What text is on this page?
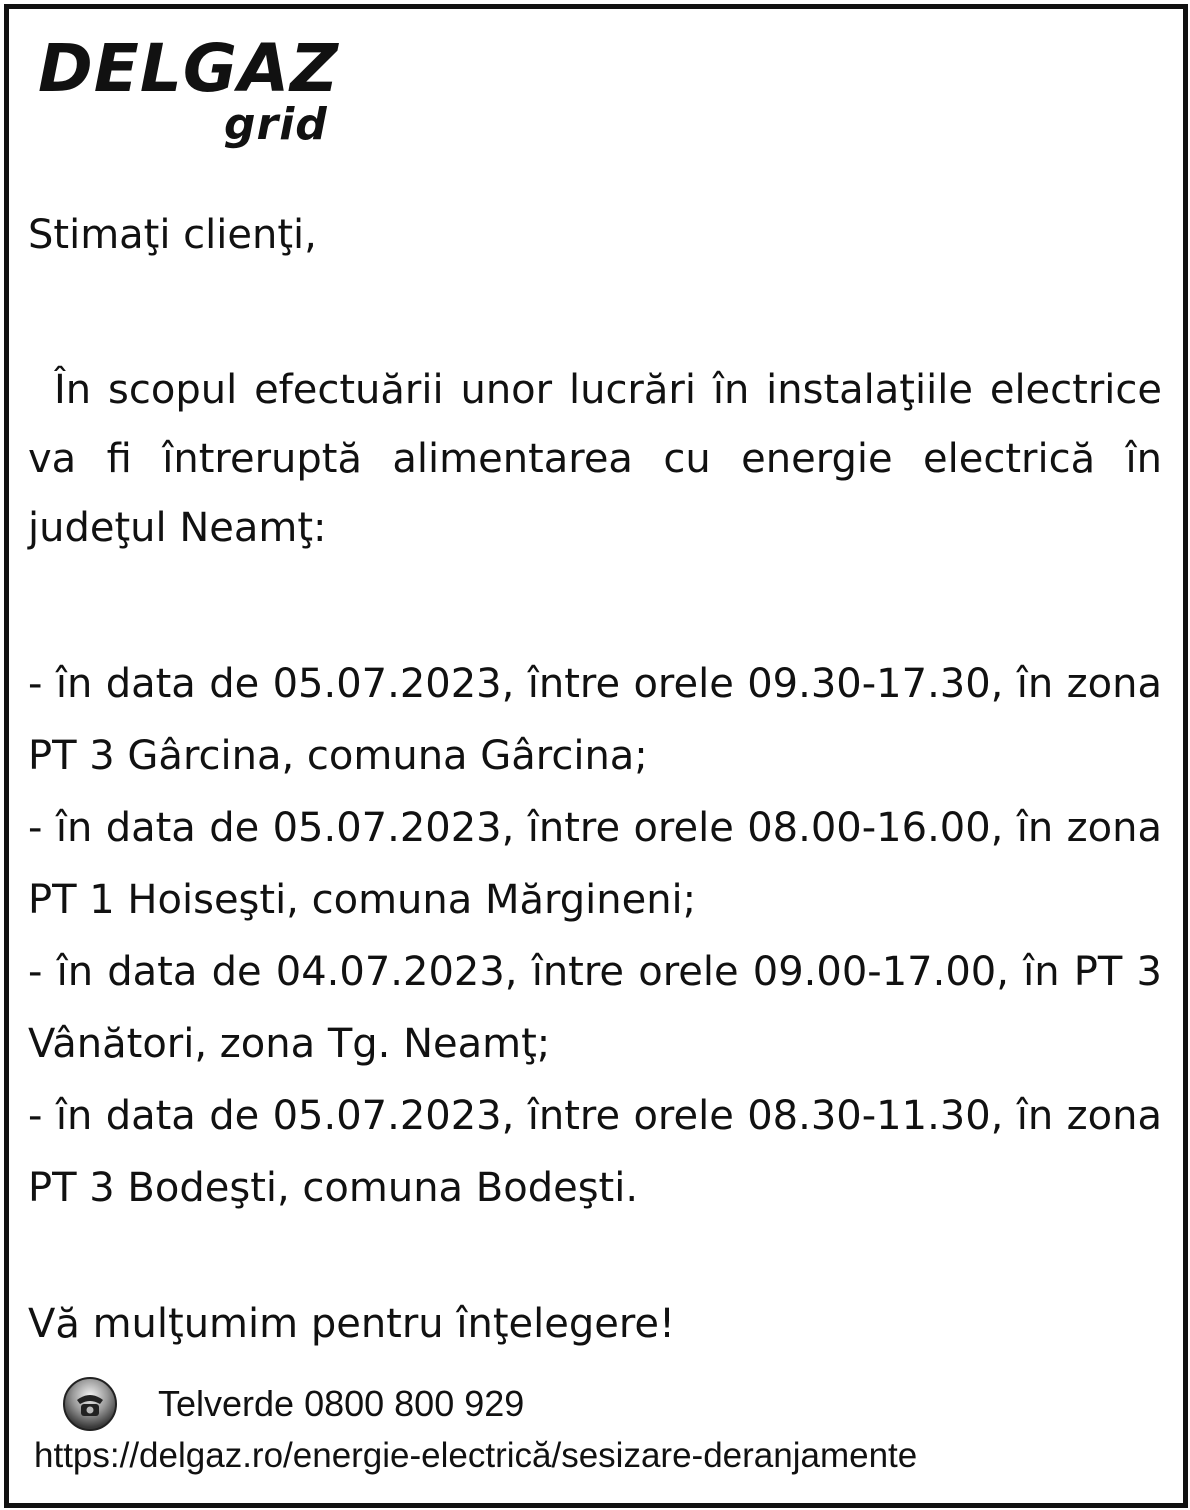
DELGAZ
grid
Stimaţi clienţi,
În scopul efectuării unor lucrări în instalaţiile electrice va fi întreruptă alimentarea cu energie electrică în judeţul Neamţ:

- în data de 05.07.2023, între orele 09.30-17.30, în zona PT 3 Gârcina, comuna Gârcina;

- în data de 05.07.2023, între orele 08.00-16.00, în zona PT 1 Hoiseşti, comuna Mărgineni;

- în data de 04.07.2023, între orele 09.00-17.00, în PT 3 Vânători, zona Tg. Neamţ;

- în data de 05.07.2023, între orele 08.30-11.30, în zona PT 3 Bodeşti, comuna Bodeşti.

Vă mulţumim pentru înţelegere!
Telverde 0800 800 929
https://delgaz.ro/energie-electrică/sesizare-deranjamente
